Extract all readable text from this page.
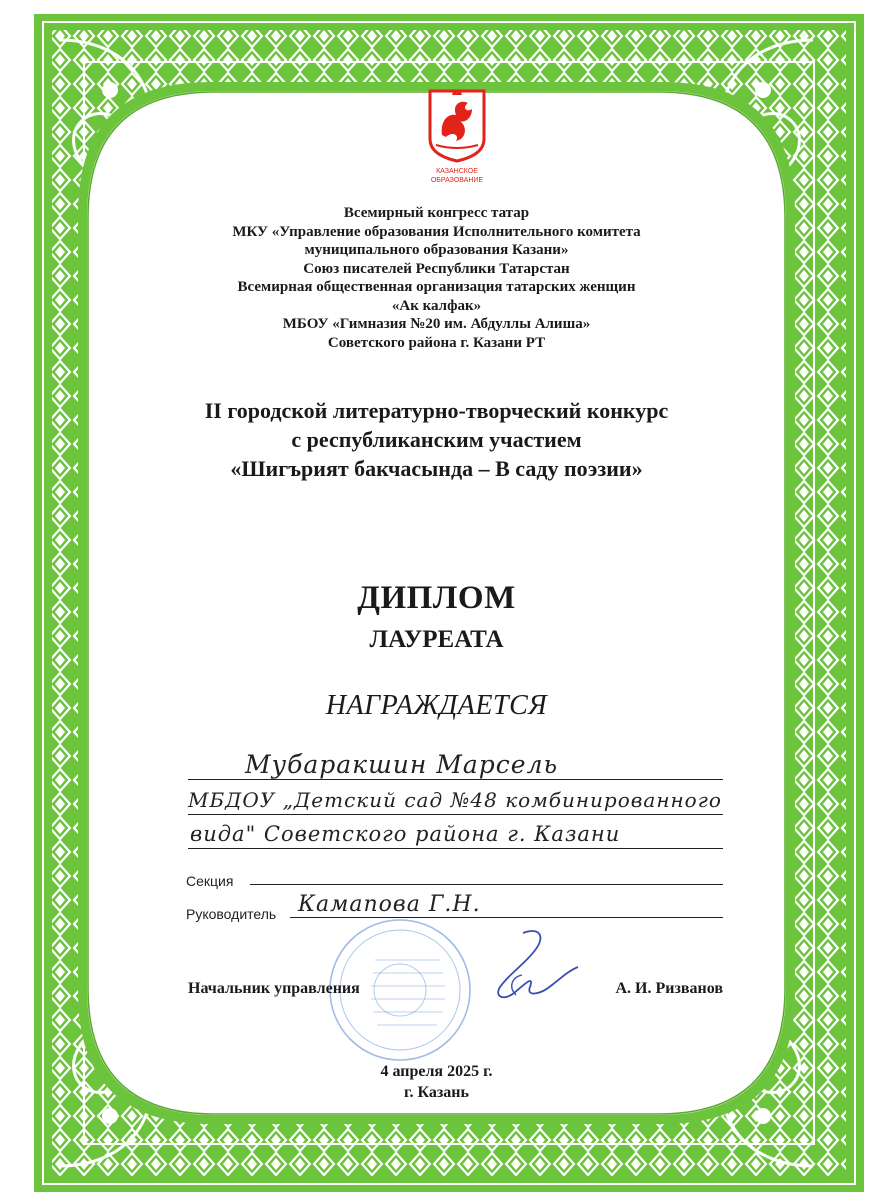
КАЗАНСКОЕ
ОБРАЗОВАНИЕ
Всемирный конгресс татар
МКУ «Управление образования Исполнительного комитета
муниципального образования Казани»
Союз писателей Республики Татарстан
Всемирная общественная организация татарских женщин
«Ак калфак»
МБОУ «Гимназия №20 им. Абдуллы Алиша»
Советского района г. Казани РТ
II городской литературно-творческий конкурс
с республиканским участием
«Шигърият бакчасында – В саду поэзии»
ДИПЛОМ
ЛАУРЕАТА
НАГРАЖДАЕТСЯ
Мубаракшин Марсель
МБДОУ „Детский сад №48 комбинированного
вида" Советского района г. Казани
Секция
Руководитель Камапова Г.Н.
Начальник управления	А. И. Ризванов
4 апреля 2025 г.
г. Казань
